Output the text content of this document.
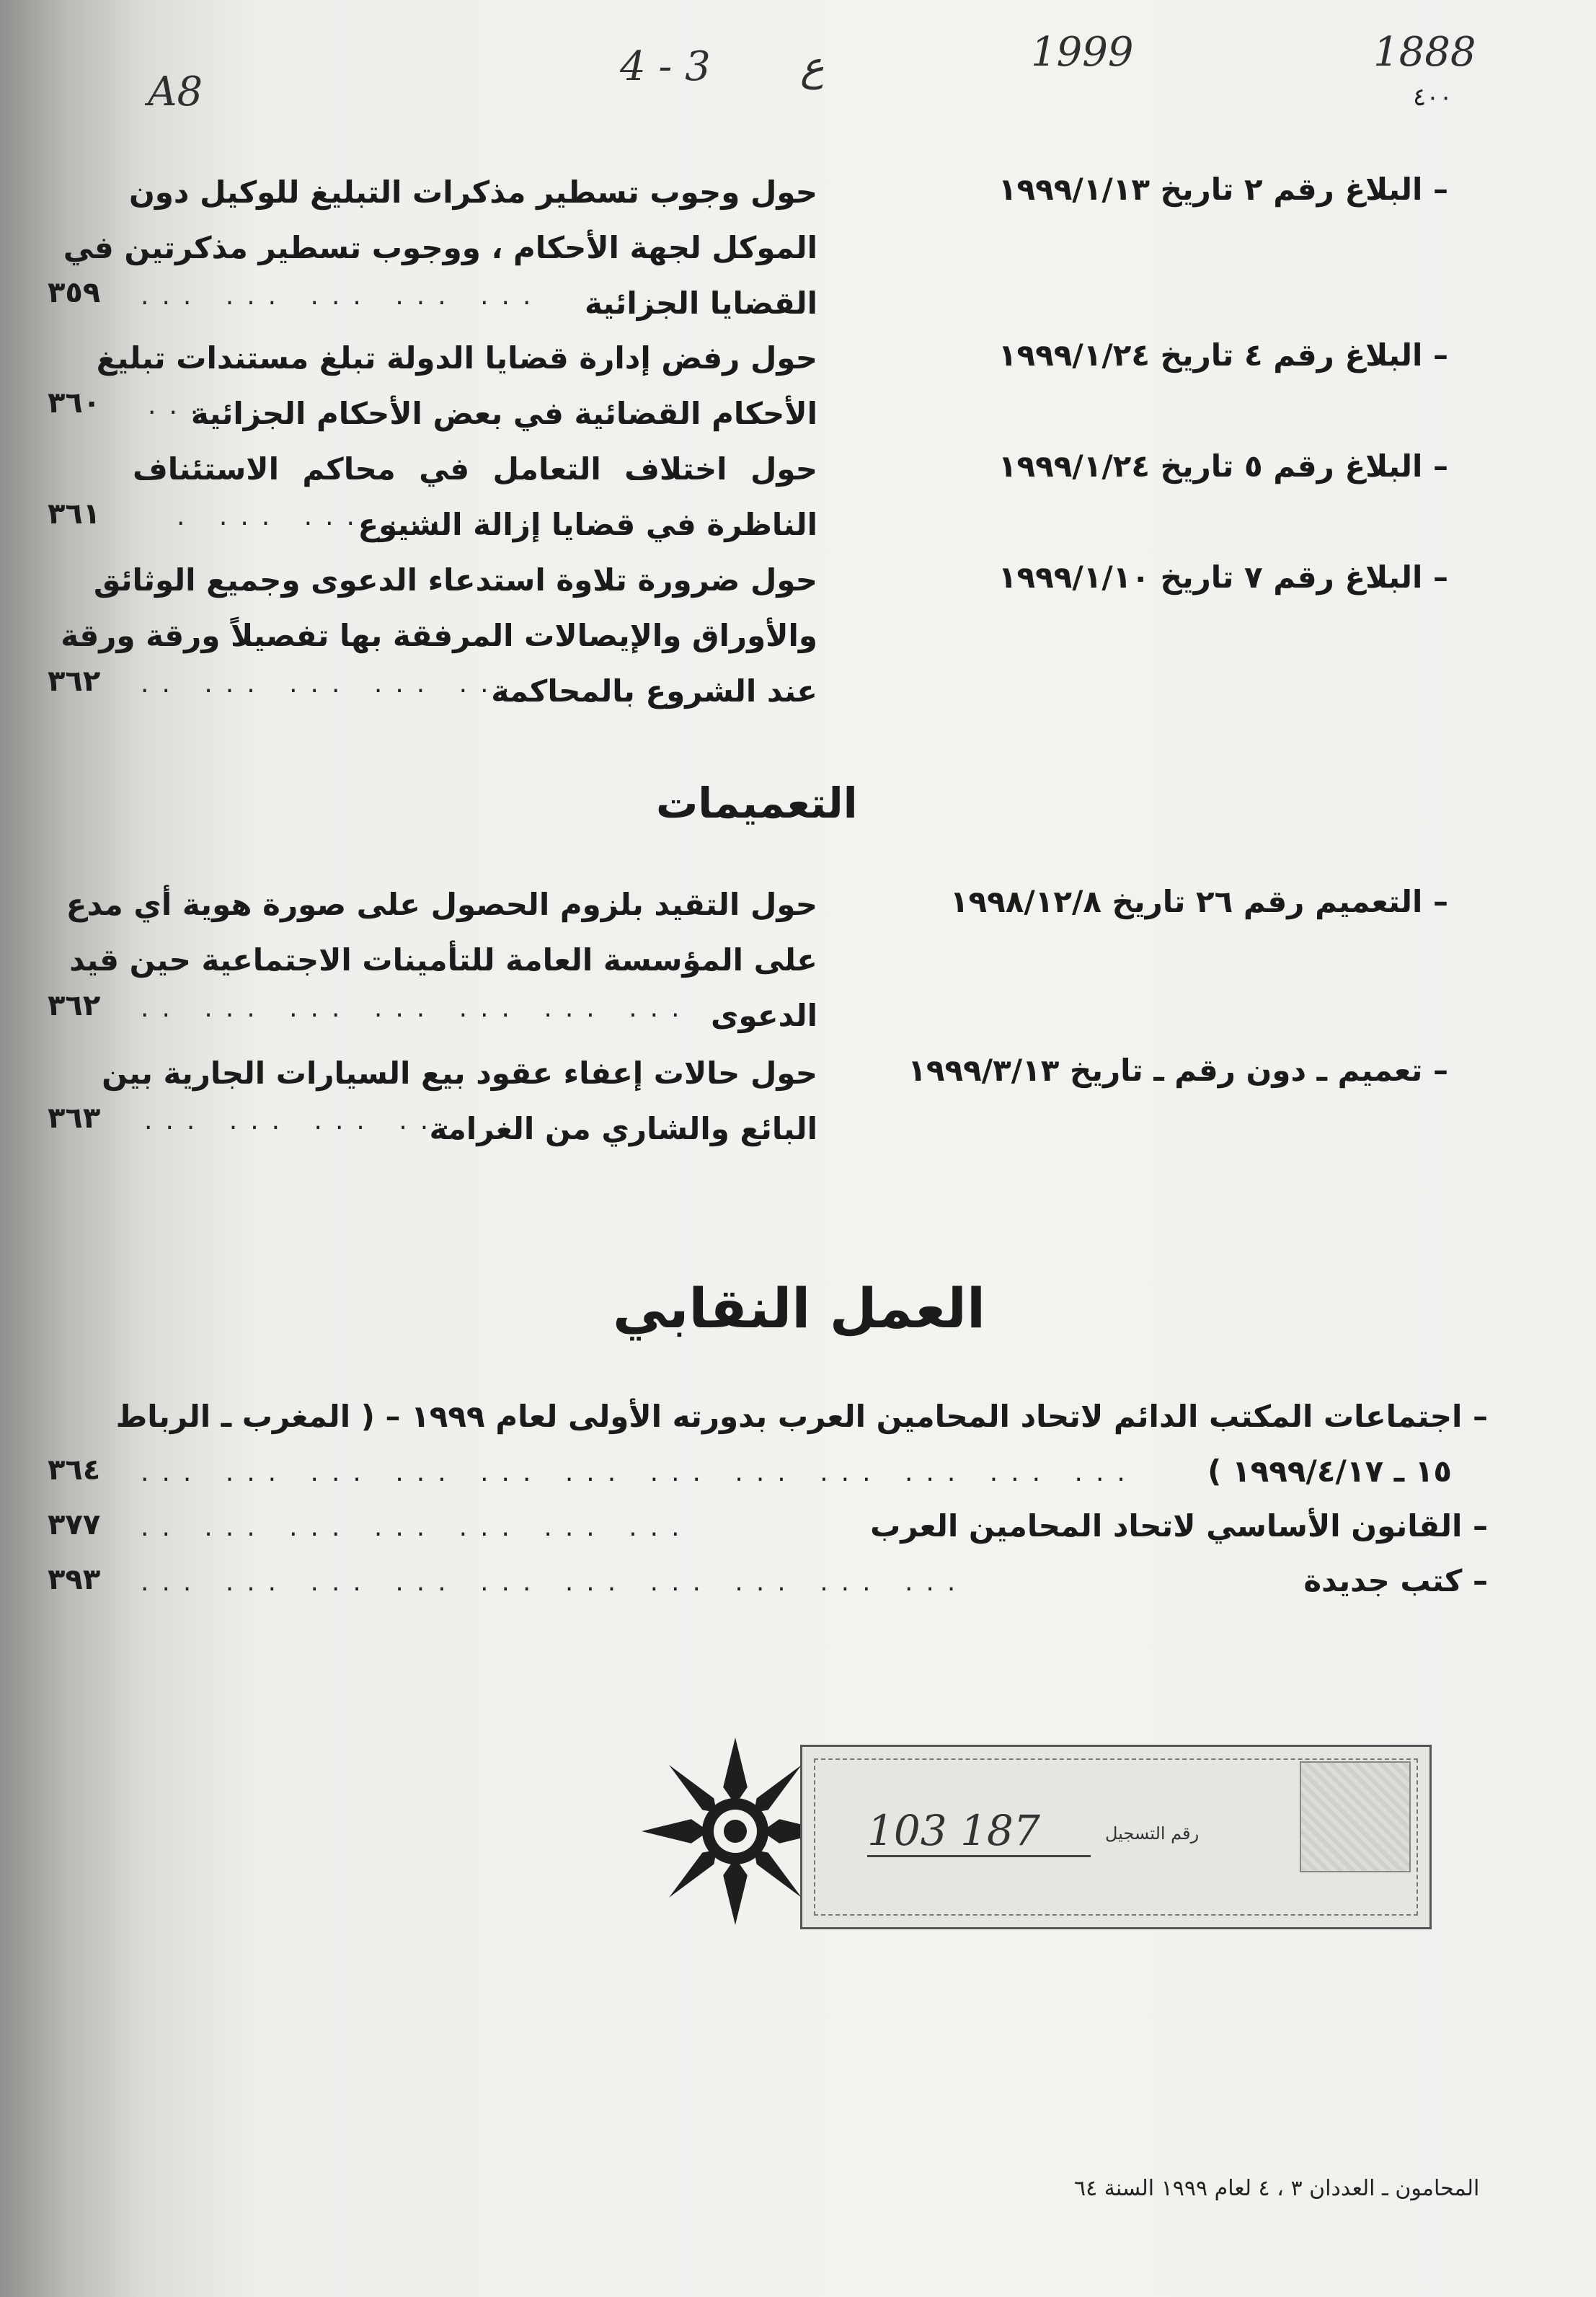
A8
4 - 3 ع	1999	1888
٤٠٠
– البلاغ رقم ٢ تاريخ ١٩٩٩/١/١٣
حول وجوب تسطير مذكرات التبليغ للوكيل دون
الموكل لجهة الأحكام ، ووجوب تسطير مذكرتين في
القضايا الجزائية
... ... ... ... ...
٣٥٩
– البلاغ رقم ٤ تاريخ ١٩٩٩/١/٢٤
حول رفض إدارة قضايا الدولة تبلغ مستندات تبليغ
الأحكام القضائية في بعض الأحكام الجزائية
...
٣٦٠
– البلاغ رقم ٥ تاريخ ١٩٩٩/١/٢٤
حول اختلاف التعامل في محاكم الاستئناف
الناظرة في قضايا إزالة الشيوع
. ... ... ...
٣٦١
– البلاغ رقم ٧ تاريخ ١٩٩٩/١/١٠
حول ضرورة تلاوة استدعاء الدعوى وجميع الوثائق
والأوراق والإيصالات المرفقة بها تفصيلاً ورقة ورقة
عند الشروع بالمحاكمة
.. ... ... ... ...
٣٦٢
التعميمات
– التعميم رقم ٢٦ تاريخ ١٩٩٨/١٢/٨
حول التقيد بلزوم الحصول على صورة هوية أي مدع
على المؤسسة العامة للتأمينات الاجتماعية حين قيد
الدعوى
.. ... ... ... ... ... ...
٣٦٢
– تعميم ـ دون رقم ـ تاريخ ١٩٩٩/٣/١٣
حول حالات إعفاء عقود بيع السيارات الجارية بين
البائع والشاري من الغرامة
... ... ... ...
٣٦٣
العمل النقابي
– اجتماعات المكتب الدائم لاتحاد المحامين العرب بدورته الأولى لعام ١٩٩٩ – ( المغرب ـ الرباط
١٥ ـ ١٩٩٩/٤/١٧ )
... ... ... ... ... ... ... ... ... ... ... ...
٣٦٤
– القانون الأساسي لاتحاد المحامين العرب
.. ... ... ... ... ... ...
٣٧٧
– كتب جديدة
... ... ... ... ... ... ... ... ... ...
٣٩٣
103 187	رقم التسجيل
المحامون ـ العددان ٣ ، ٤ لعام ١٩٩٩ السنة ٦٤
